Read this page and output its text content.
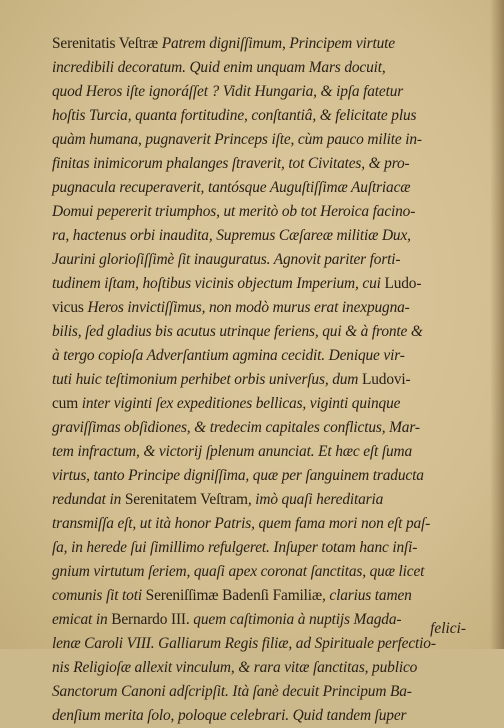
Serenitatis Veſtræ Patrem digniſſimum, Principem virtute
incredibili decoratum. Quid enim unquam Mars docuit,
quod Heros iſte ignoráſſet ? Vidit Hungaria, & ipſa fatetur
hoſtis Turcia, quanta fortitudine, conſtantiâ, & felicitate plus
quàm humana, pugnaverit Princeps iſte, cùm pauco milite in-
finitas inimicorum phalanges ſtraverit, tot Civitates, & pro-
pugnacula recuperaverit, tantósque Auguſtiſſimæ Auſtriacæ
Domui pepererit triumphos, ut meritò ob tot Heroica facino-
ra, hactenus orbi inaudita, Supremus Cæſareæ militiæ Dux,
Jaurini glorioſiſſimè ſit inauguratus. Agnovit pariter forti-
tudinem iſtam, hoſtibus vicinis objectum Imperium, cui Ludo-
vicus Heros invictiſſimus, non modò murus erat inexpugna-
bilis, ſed gladius bis acutus utrinque feriens, qui & à fronte &
à tergo copioſa Adverſantium agmina cecidit. Denique vir-
tuti huic teſtimonium perhibet orbis univerſus, dum Ludovi-
cum inter viginti ſex expeditiones bellicas, viginti quinque
graviſſimas obſidiones, & tredecim capitales conflictus, Mar-
tem infractum, & victorij ſplenum anunciat. Et hæc eſt ſuma
virtus, tanto Principe digniſſima, quæ per ſanguinem traducta
redundat in Serenitatem Veſtram, imò quaſi hereditaria
transmiſſa eſt, ut ità honor Patris, quem fama mori non eſt paſ-
ſa, in herede ſui ſimillimo refulgeret. Inſuper totam hanc inſi-
gnium virtutum ſeriem, quaſi apex coronat ſanctitas, quæ licet
comunis ſit toti Sereniſſimæ Badenſi Familiæ, clarius tamen
emicat in Bernardo III. quem caſtimonia à nuptijs Magda-
lenæ Caroli VIII. Galliarum Regis filiæ, ad Spirituale perfectio-
nis Religioſæ allexit vinculum, & rara vitæ ſanctitas, publico
Sanctorum Canoni adſcripſit. Ità ſanè decuit Principum Ba-
denſium merita ſolo, poloque celebrari. Quid tandem ſuper
felici-
